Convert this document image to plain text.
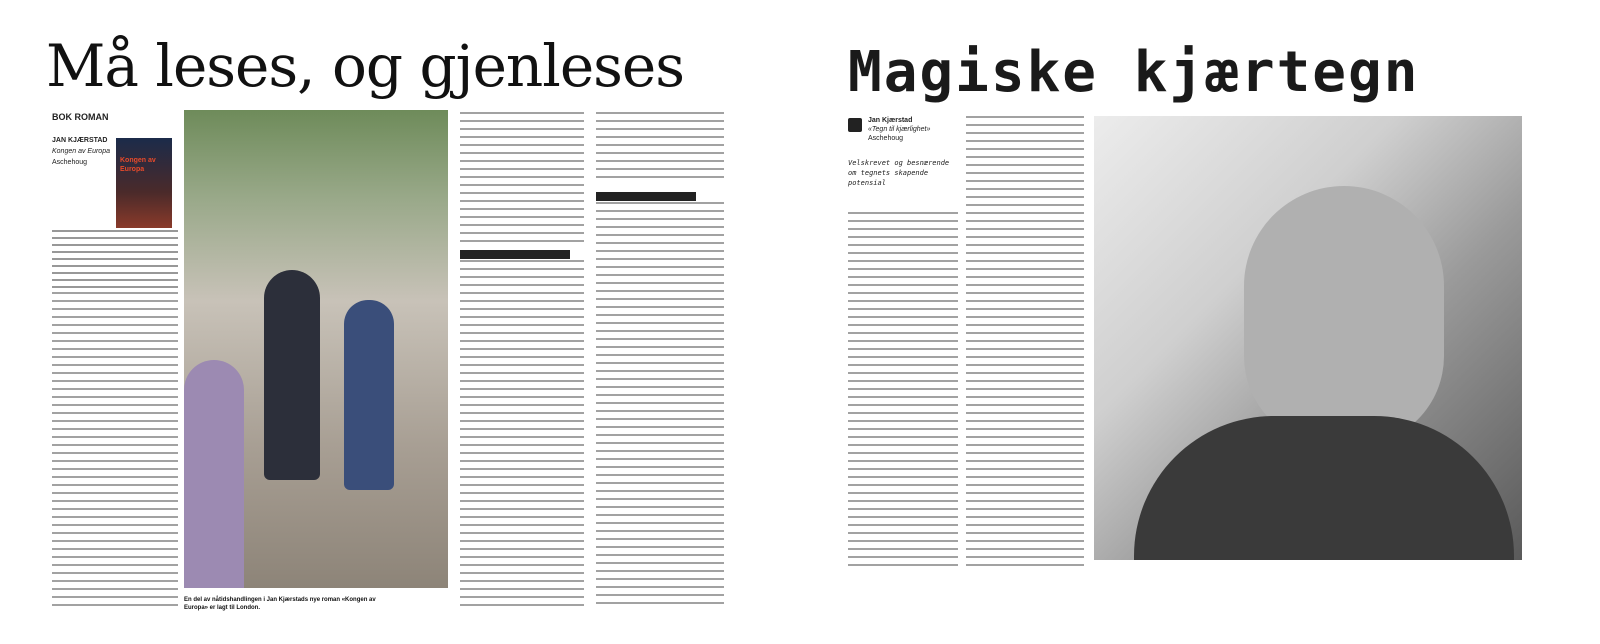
Må leses, og gjenleses
BOK ROMAN
JAN KJÆRSTAD
Kongen av Europa
Aschehoug	Kongen av Europa
En del av nåtidshandlingen i Jan Kjærstads nye roman «Kongen av Europa» er lagt til London.
Magiske kjærtegn
Jan Kjærstad
«Tegn til kjærlighet»
Aschehoug
Velskrevet og besnærende om tegnets skapende potensial
